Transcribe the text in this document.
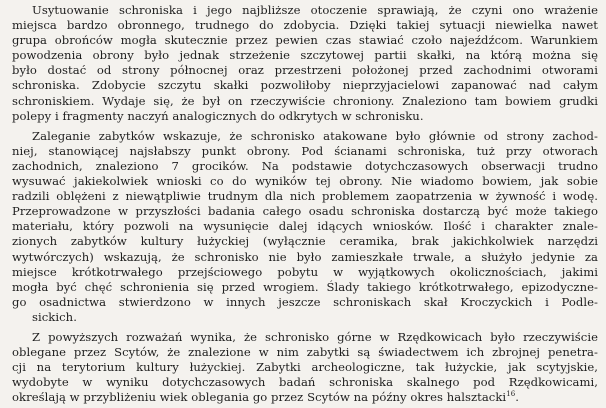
Usytuowanie schroniska i jego najbliższe otoczenie sprawiają, że czyni ono wrażenie
miejsca bardzo obronnego, trudnego do zdobycia. Dzięki takiej sytuacji niewielka nawet
grupa obrońców mogła skutecznie przez pewien czas stawiać czoło najeźdźcom. Warunkiem
powodzenia obrony było jednak strzeżenie szczytowej partii skałki, na którą można się
było dostać od strony północnej oraz przestrzeni położonej przed zachodnimi otworami
schroniska. Zdobycie szczytu skałki pozwoliłoby nieprzyjacielowi zapanować nad całym
schroniskiem. Wydaje się, że był on rzeczywiście chroniony. Znaleziono tam bowiem grudki
polepy i fragmenty naczyń analogicznych do odkrytych w schronisku.
Zaleganie zabytków wskazuje, że schronisko atakowane było głównie od strony zachod-
niej, stanowiącej najsłabszy punkt obrony. Pod ścianami schroniska, tuż przy otworach
zachodnich, znaleziono 7 grocików. Na podstawie dotychczasowych obserwacji trudno
wysuwać jakiekolwiek wnioski co do wyników tej obrony. Nie wiadomo bowiem, jak sobie
radzili oblężeni z niewątpliwie trudnym dla nich problemem zaopatrzenia w żywność i wodę.
Przeprowadzone w przyszłości badania całego osadu schroniska dostarczą być może takiego
materiału, który pozwoli na wysunięcie dalej idących wniosków. Ilość i charakter znale-
zionych zabytków kultury łużyckiej (wyłącznie ceramika, brak jakichkolwiek narzędzi
wytwórczych) wskazują, że schronisko nie było zamieszkałe trwale, a służyło jedynie za
miejsce krótkotrwałego przejściowego pobytu w wyjątkowych okolicznościach, jakimi
mogła być chęć schronienia się przed wrogiem. Ślady takiego krótkotrwałego, epizodyczne-
go osadnictwa stwierdzono w innych jeszcze schroniskach skał Kroczyckich i Podle-
sickich.
Z powyższych rozważań wynika, że schronisko górne w Rzędkowicach było rzeczywiście
oblegane przez Scytów, że znalezione w nim zabytki są świadectwem ich zbrojnej penetra-
cji na terytorium kultury łużyckiej. Zabytki archeologiczne, tak łużyckie, jak scytyjskie,
wydobyte w wyniku dotychczasowych badań schroniska skalnego pod Rzędkowicami,
określają w przybliżeniu wiek oblegania go przez Scytów na późny okres halsztacki$^{16}$.
